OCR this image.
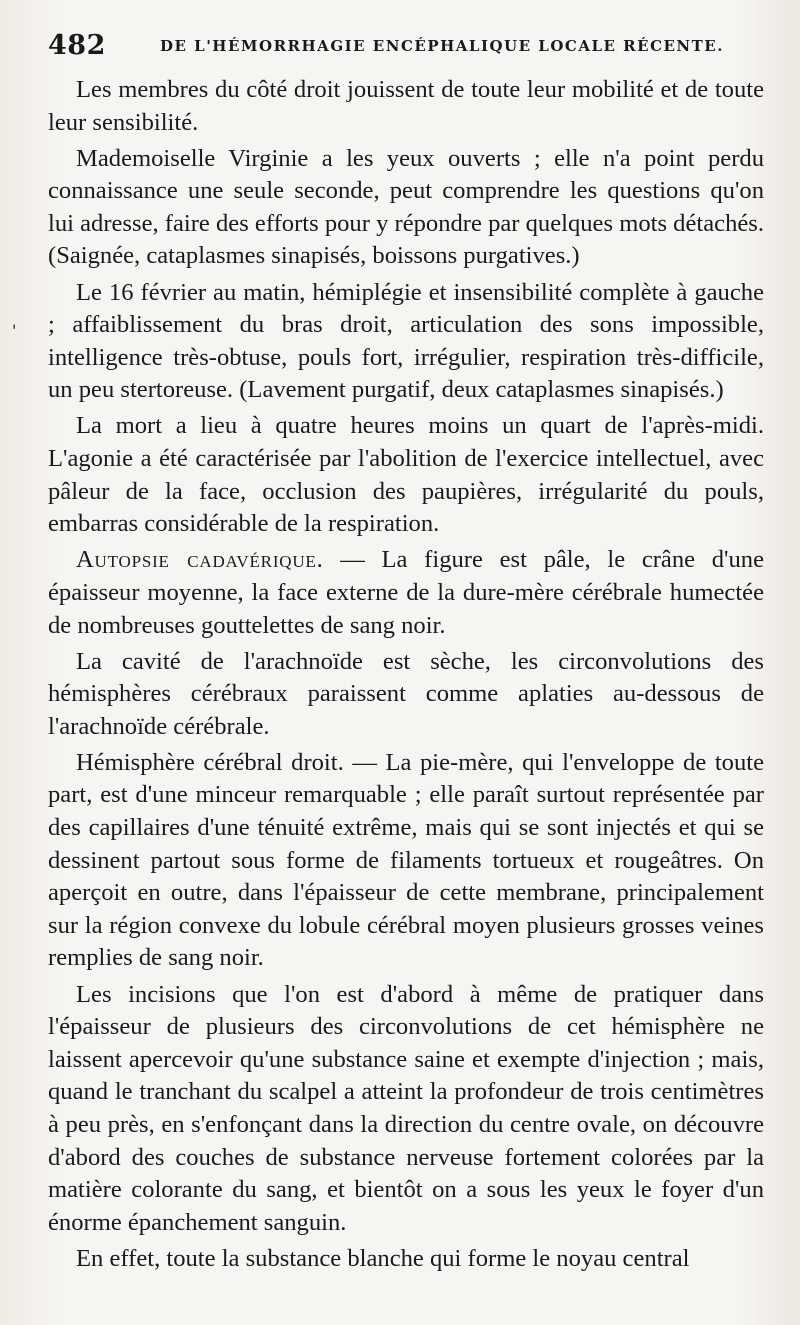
482	DE L'HÉMORRHAGIE ENCÉPHALIQUE LOCALE RÉCENTE.
'

Les membres du côté droit jouissent de toute leur mobilité et de toute leur sensibilité.

Mademoiselle Virginie a les yeux ouverts ; elle n'a point perdu connaissance une seule seconde, peut comprendre les questions qu'on lui adresse, faire des efforts pour y répondre par quelques mots détachés. (Saignée, cataplasmes sinapisés, boissons purgatives.)

Le 16 février au matin, hémiplégie et insensibilité complète à gauche ; affaiblissement du bras droit, articulation des sons impossible, intelligence très-obtuse, pouls fort, irrégulier, respiration très-difficile, un peu stertoreuse. (Lavement purgatif, deux cataplasmes sinapisés.)

La mort a lieu à quatre heures moins un quart de l'après-midi. L'agonie a été caractérisée par l'abolition de l'exercice intellectuel, avec pâleur de la face, occlusion des paupières, irrégularité du pouls, embarras considérable de la respiration.

Autopsie cadavérique. — La figure est pâle, le crâne d'une épaisseur moyenne, la face externe de la dure-mère cérébrale humectée de nombreuses gouttelettes de sang noir.

La cavité de l'arachnoïde est sèche, les circonvolutions des hémisphères cérébraux paraissent comme aplaties au-dessous de l'arachnoïde cérébrale.

Hémisphère cérébral droit. — La pie-mère, qui l'enveloppe de toute part, est d'une minceur remarquable ; elle paraît surtout représentée par des capillaires d'une ténuité extrême, mais qui se sont injectés et qui se dessinent partout sous forme de filaments tortueux et rougeâtres. On aperçoit en outre, dans l'épaisseur de cette membrane, principalement sur la région convexe du lobule cérébral moyen plusieurs grosses veines remplies de sang noir.

Les incisions que l'on est d'abord à même de pratiquer dans l'épaisseur de plusieurs des circonvolutions de cet hémisphère ne laissent apercevoir qu'une substance saine et exempte d'injection ; mais, quand le tranchant du scalpel a atteint la profondeur de trois centimètres à peu près, en s'enfonçant dans la direction du centre ovale, on découvre d'abord des couches de substance nerveuse fortement colorées par la matière colorante du sang, et bientôt on a sous les yeux le foyer d'un énorme épanchement sanguin.

En effet, toute la substance blanche qui forme le noyau central
